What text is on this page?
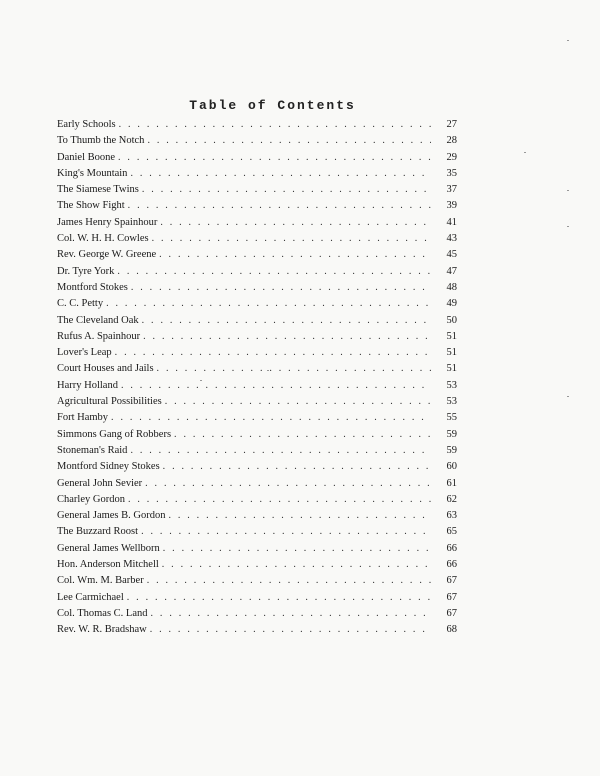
Table of Contents
Early Schools . . .	27
To Thumb the Notch . . .	28
Daniel Boone . . .	29
King's Mountain . . .	35
The Siamese Twins . . .	37
The Show Fight . . .	39
James Henry Spainhour . . .	41
Col. W. H. H. Cowles . . .	43
Rev. George W. Greene . . .	45
Dr. Tyre York . . .	47
Montford Stokes . . .	48
C. C. Petty . . .	49
The Cleveland Oak . . .	50
Rufus A. Spainhour . . .	51
Lover's Leap . . .	51
Court Houses and Jails . . .	51
Harry Holland . . .	53
Agricultural Possibilities . . .	53
Fort Hamby . . .	55
Simmons Gang of Robbers . . .	59
Stoneman's Raid . . .	59
Montford Sidney Stokes . . .	60
General John Sevier . . .	61
Charley Gordon . . .	62
General James B. Gordon . . .	63
The Buzzard Roost . . .	65
General James Wellborn . . .	66
Hon. Anderson Mitchell . . .	66
Col. Wm. M. Barber . . .	67
Lee Carmichael . . .	67
Col. Thomas C. Land . . .	67
Rev. W. R. Bradshaw . . .	68
